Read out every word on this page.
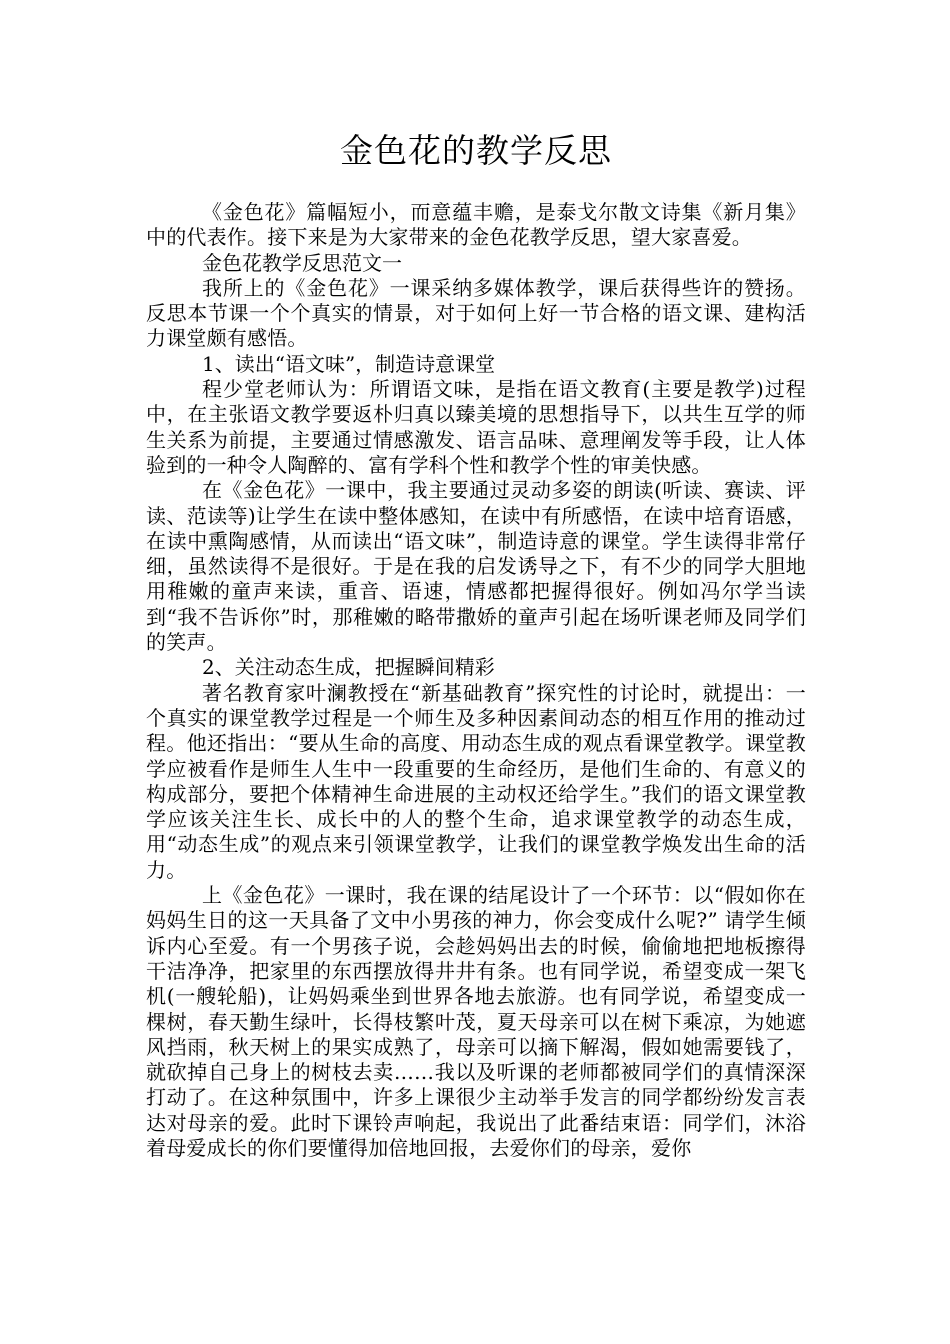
金色花的教学反思

《金色花》篇幅短小，而意蕴丰赡，是泰戈尔散文诗集《新月集》中的代表作。接下来是为大家带来的金色花教学反思，望大家喜爱。

金色花教学反思范文一

我所上的《金色花》一课采纳多媒体教学，课后获得些许的赞扬。反思本节课一个个真实的情景，对于如何上好一节合格的语文课、建构活力课堂颇有感悟。

1、读出“语文味”，制造诗意课堂

程少堂老师认为：所谓语文味，是指在语文教育(主要是教学)过程中，在主张语文教学要返朴归真以臻美境的思想指导下，以共生互学的师生关系为前提，主要通过情感激发、语言品味、意理阐发等手段，让人体验到的一种令人陶醉的、富有学科个性和教学个性的审美快感。

在《金色花》一课中，我主要通过灵动多姿的朗读(听读、赛读、评读、范读等)让学生在读中整体感知，在读中有所感悟，在读中培育语感，在读中熏陶感情，从而读出“语文味”，制造诗意的课堂。学生读得非常仔细，虽然读得不是很好。于是在我的启发诱导之下，有不少的同学大胆地用稚嫩的童声来读，重音、语速，情感都把握得很好。例如冯尔学当读到“我不告诉你”时，那稚嫩的略带撒娇的童声引起在场听课老师及同学们的笑声。

2、关注动态生成，把握瞬间精彩

著名教育家叶澜教授在“新基础教育”探究性的讨论时，就提出：一个真实的课堂教学过程是一个师生及多种因素间动态的相互作用的推动过程。他还指出：“要从生命的高度、用动态生成的观点看课堂教学。课堂教学应被看作是师生人生中一段重要的生命经历，是他们生命的、有意义的构成部分，要把个体精神生命进展的主动权还给学生。”我们的语文课堂教学应该关注生长、成长中的人的整个生命，追求课堂教学的动态生成，用“动态生成”的观点来引领课堂教学，让我们的课堂教学焕发出生命的活力。

上《金色花》一课时，我在课的结尾设计了一个环节：以“假如你在妈妈生日的这一天具备了文中小男孩的神力，你会变成什么呢?” 请学生倾诉内心至爱。有一个男孩子说，会趁妈妈出去的时候，偷偷地把地板擦得干洁净净，把家里的东西摆放得井井有条。也有同学说，希望变成一架飞机(一艘轮船)，让妈妈乘坐到世界各地去旅游。也有同学说，希望变成一棵树，春天勤生绿叶，长得枝繁叶茂，夏天母亲可以在树下乘凉，为她遮风挡雨，秋天树上的果实成熟了，母亲可以摘下解渴，假如她需要钱了，就砍掉自己身上的树枝去卖……我以及听课的老师都被同学们的真情深深打动了。在这种氛围中，许多上课很少主动举手发言的同学都纷纷发言表达对母亲的爱。此时下课铃声响起，我说出了此番结束语：同学们，沐浴着母爱成长的你们要懂得加倍地回报，去爱你们的母亲，爱你
